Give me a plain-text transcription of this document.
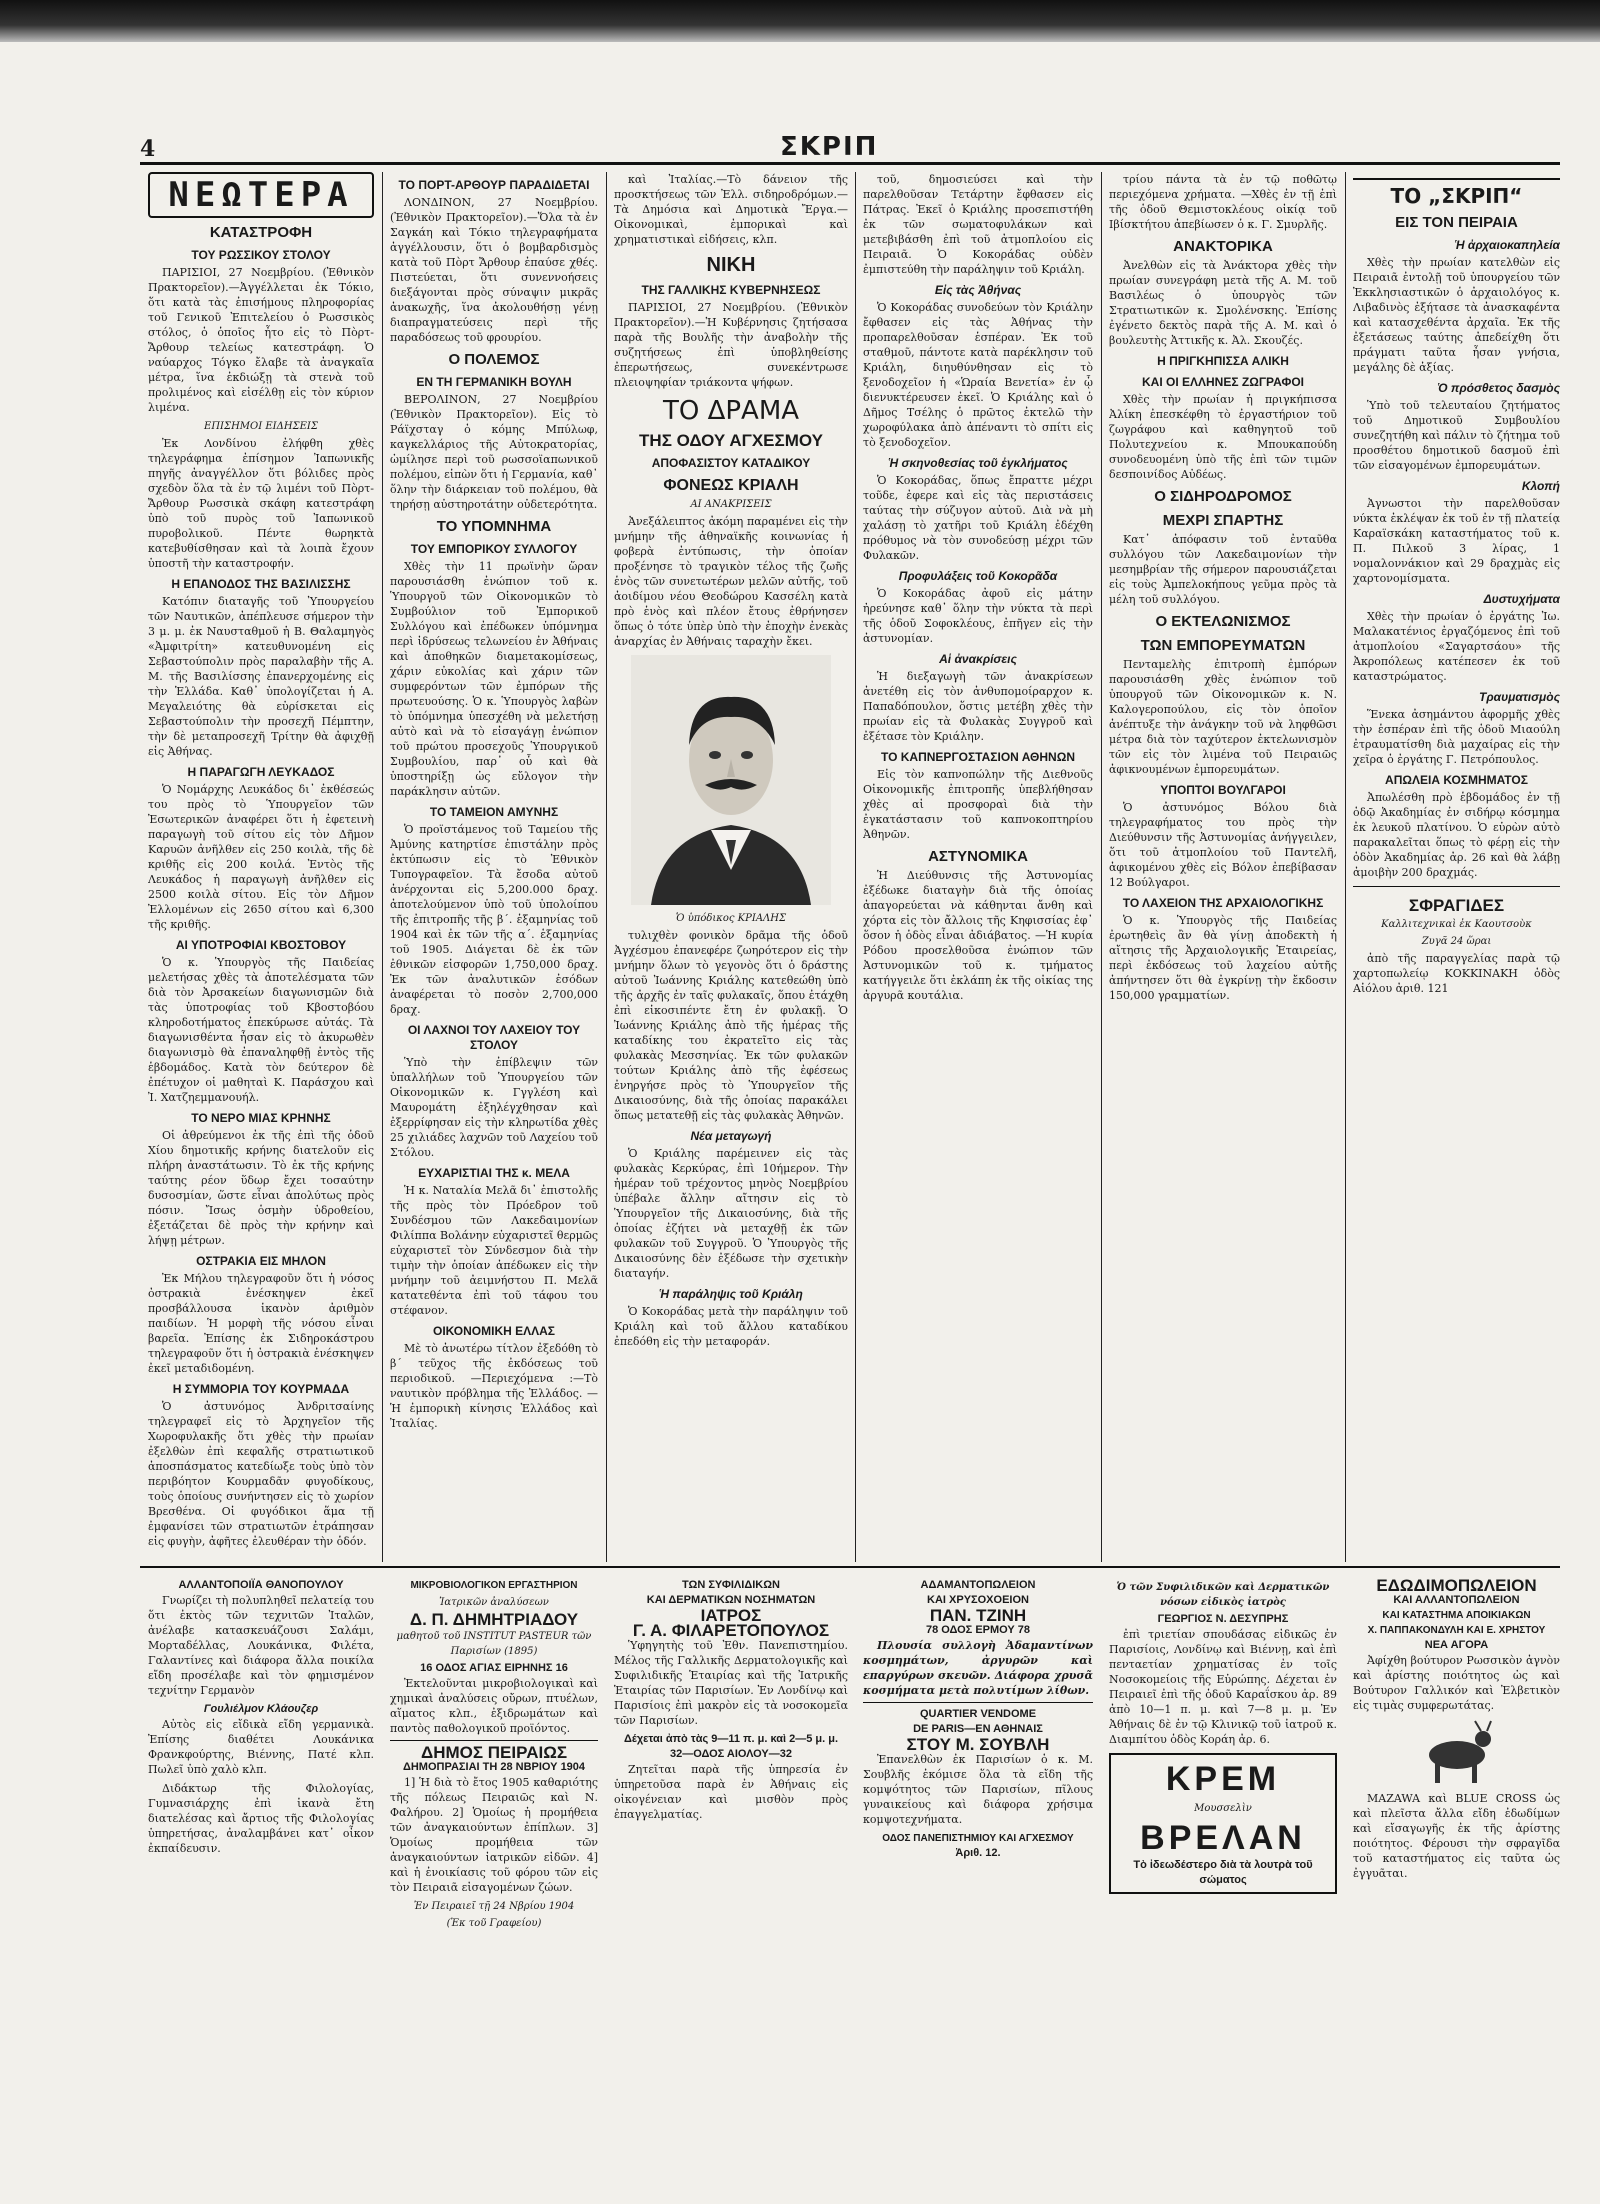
4	ΣΚΡΙΠ
ΝΕΩΤΕΡΑ
ΚΑΤΑΣΤΡΟΦΗ
ΤΟΥ ΡΩΣΣΙΚΟΥ ΣΤΟΛΟΥ

ΠΑΡΙΣΙΟΙ, 27 Νοεμβρίου. (Ἐθνικὸν Πρακτορεῖον).—Ἀγγέλλεται ἐκ Τόκιο, ὅτι κατὰ τὰς ἐπισήμους πληροφορίας τοῦ Γενικοῦ Ἐπιτελείου ὁ Ρωσσικὸς στόλος, ὁ ὁποῖος ἦτο εἰς τὸ Πὸρτ-Ἄρθουρ τελείως κατεστράφη. Ὁ ναύαρχος Τόγκο ἔλαβε τὰ ἀναγκαῖα μέτρα, ἵνα ἐκδιώξῃ τὰ στενὰ τοῦ προλιμένος καὶ εἰσέλθῃ εἰς τὸν κύριον λιμένα.

ΕΠΙΣΗΜΟΙ ΕΙΔΗΣΕΙΣ

Ἐκ Λονδίνου ἐλήφθη χθὲς τηλεγράφημα ἐπίσημον Ἰαπωνικῆς πηγῆς ἀναγγέλλον ὅτι βόλιδες πρὸς σχεδὸν ὅλα τὰ ἐν τῷ λιμένι τοῦ Πὸρτ-Ἄρθουρ Ρωσσικὰ σκάφη κατεστράφη ὑπὸ τοῦ πυρὸς τοῦ Ἰαπωνικοῦ πυροβολικοῦ. Πέντε θωρηκτὰ κατεβυθίσθησαν καὶ τὰ λοιπὰ ἔχουν ὑποστῆ τὴν καταστροφήν.

Η ΕΠΑΝΟΔΟΣ ΤΗΣ ΒΑΣΙΛΙΣΣΗΣ

Κατόπιν διαταγῆς τοῦ Ὑπουργείου τῶν Ναυτικῶν, ἀπέπλευσε σήμερον τὴν 3 μ. μ. ἐκ Ναυσταθμοῦ ἡ Β. Θαλαμηγὸς «Ἀμφιτρίτη» κατευθυνομένη εἰς Σεβαστούπολιν πρὸς παραλαβὴν τῆς Α. Μ. τῆς Βασιλίσσης ἐπανερχομένης εἰς τὴν Ἑλλάδα. Καθ᾽ ὑπολογίζεται ἡ Α. Μεγαλειότης θὰ εὑρίσκεται εἰς Σεβαστούπολιν τὴν προσεχῆ Πέμπτην, τὴν δὲ μεταπροσεχῆ Τρίτην θὰ ἀφιχθῇ εἰς Ἀθήνας.

Η ΠΑΡΑΓΩΓΗ ΛΕΥΚΑΔΟΣ

Ὁ Νομάρχης Λευκάδος δι᾽ ἐκθέσεώς του πρὸς τὸ Ὑπουργεῖον τῶν Ἐσωτερικῶν ἀναφέρει ὅτι ἡ ἐφετεινὴ παραγωγὴ τοῦ σίτου εἰς τὸν Δῆμον Καρυῶν ἀνῆλθεν εἰς 250 κοιλὰ, τῆς δὲ κριθῆς εἰς 200 κοιλά. Ἐντὸς τῆς Λευκάδος ἡ παραγωγὴ ἀνῆλθεν εἰς 2500 κοιλὰ σίτου. Εἰς τὸν Δῆμον Ἐλλομένων εἰς 2650 σίτου καὶ 6,300 τῆς κριθῆς.

ΑΙ ΥΠΟΤΡΟΦΙΑΙ ΚΒΟΣΤΟΒΟΥ

Ὁ κ. Ὑπουργὸς τῆς Παιδείας μελετήσας χθὲς τὰ ἀποτελέσματα τῶν διὰ τὸν Ἀρσακείων διαγωνισμῶν διὰ τὰς ὑποτροφίας τοῦ Κβοστοβόου κληροδοτήματος ἐπεκύρωσε αὐτάς. Τὰ διαγωνισθέντα ἦσαν εἰς τὸ ἀκυρωθὲν διαγωνισμὸ θὰ ἐπαναληφθῇ ἐντὸς τῆς ἑβδομάδος. Κατὰ τὸν δεύτερον δὲ ἐπέτυχον οἱ μαθηταὶ Κ. Παράσχου καὶ Ἰ. Χατζηεμμανουήλ.

ΤΟ ΝΕΡΟ ΜΙΑΣ ΚΡΗΝΗΣ

Οἱ ἀθρεύμενοι ἐκ τῆς ἐπὶ τῆς ὁδοῦ Χίου δημοτικῆς κρήνης διατελοῦν εἰς πλήρη ἀναστάτωσιν. Τὸ ἐκ τῆς κρήνης ταύτης ρέον ὕδωρ ἔχει τοσαύτην δυσοσμίαν, ὥστε εἶναι ἀπολύτως πρὸς πόσιν. Ἴσως ὁσμὴν ὑδροθείου, ἐξετάζεται δὲ πρὸς τὴν κρήνην καὶ λήψῃ μέτρων.

ΟΣΤΡΑΚΙΑ ΕΙΣ ΜΗΛΟΝ

Ἐκ Μήλου τηλεγραφοῦν ὅτι ἡ νόσος ὀστρακιὰ ἐνέσκηψεν ἐκεῖ προσβάλλουσα ἱκανὸν ἀριθμὸν παιδίων. Ἡ μορφὴ τῆς νόσου εἶναι βαρεῖα. Ἐπίσης ἐκ Σιδηροκάστρου τηλεγραφοῦν ὅτι ἡ ὀστρακιὰ ἐνέσκηψεν ἐκεῖ μεταδιδομένη.

Η ΣΥΜΜΟΡΙΑ ΤΟΥ ΚΟΥΡΜΑΔΑ

Ὁ ἀστυνόμος Ἀνδριτσαίνης τηλεγραφεῖ εἰς τὸ Ἀρχηγεῖον τῆς Χωροφυλακῆς ὅτι χθὲς τὴν πρωίαν ἐξελθὼν ἐπὶ κεφαλῆς στρατιωτικοῦ ἀποσπάσματος κατεδίωξε τοὺς ὑπὸ τὸν περιβόητον Κουρμαδᾶν φυγοδίκους, τοὺς ὁποίους συνήντησεν εἰς τὸ χωρίον Βρεσθένα. Οἱ φυγόδικοι ἅμα τῇ ἐμφανίσει τῶν στρατιωτῶν ἐτράπησαν εἰς φυγὴν, ἀφῆτες ἐλευθέραν τὴν ὁδόν.

ΤΟ ΠΟΡΤ-ΑΡΘΟΥΡ ΠΑΡΑΔΙΔΕΤΑΙ

ΛΟΝΔΙΝΟΝ, 27 Νοεμβρίου. (Ἐθνικὸν Πρακτορεῖον).—Ὅλα τὰ ἐν Σαγκάη καὶ Τόκιο τηλεγραφήματα ἀγγέλλουσιν, ὅτι ὁ βομβαρδισμὸς κατὰ τοῦ Πὸρτ Ἄρθουρ ἐπαύσε χθές. Πιστεύεται, ὅτι συνεννοήσεις διεξάγονται πρὸς σύναψιν μικρᾶς ἀνακωχῆς, ἵνα ἀκολουθήσῃ γένῃ διαπραγματεύσεις περὶ τῆς παραδόσεως τοῦ φρουρίου.

Ο ΠΟΛΕΜΟΣ
ΕΝ ΤΗ ΓΕΡΜΑΝΙΚΗ ΒΟΥΛΗ

ΒΕΡΟΛΙΝΟΝ, 27 Νοεμβρίου (Ἐθνικὸν Πρακτορεῖον). Εἰς τὸ Ράϊχσταγ ὁ κόμης Μπύλωφ, καγκελλάριος τῆς Αὐτοκρατορίας, ὡμίλησε περὶ τοῦ ρωσσοϊαπωνικοῦ πολέμου, εἰπὼν ὅτι ἡ Γερμανία, καθ᾽ ὅλην τὴν διάρκειαν τοῦ πολέμου, θὰ τηρήσῃ αὐστηροτάτην οὐδετερότητα.

ΤΟ ΥΠΟΜΝΗΜΑ
ΤΟΥ ΕΜΠΟΡΙΚΟΥ ΣΥΛΛΟΓΟΥ

Χθὲς τὴν 11 πρωϊνὴν ὥραν παρουσιάσθη ἐνώπιον τοῦ κ. Ὑπουργοῦ τῶν Οἰκονομικῶν τὸ Συμβούλιον τοῦ Ἐμπορικοῦ Συλλόγου καὶ ἐπέδωκεν ὑπόμνημα περὶ ἱδρύσεως τελωνείου ἐν Ἀθήναις καὶ ἀποθηκῶν διαμετακομίσεως, χάριν εὐκολίας καὶ χάριν τῶν συμφερόντων τῶν ἐμπόρων τῆς πρωτευούσης. Ὁ κ. Ὑπουργὸς λαβὼν τὸ ὑπόμνημα ὑπεσχέθη νὰ μελετήσῃ αὐτὸ καὶ νὰ τὸ εἰσαγάγῃ ἐνώπιον τοῦ πρώτου προσεχοῦς Ὑπουργικοῦ Συμβουλίου, παρ᾽ οὗ καὶ θὰ ὑποστηρίξῃ ὡς εὔλογον τὴν παράκλησιν αὐτῶν.

ΤΟ ΤΑΜΕΙΟΝ ΑΜΥΝΗΣ

Ὁ προϊστάμενος τοῦ Ταμείου τῆς Ἀμύνης κατηρτίσε ἐπιστάλην πρὸς ἐκτύπωσιν εἰς τὸ Ἐθνικὸν Τυπογραφεῖον. Τὰ ἔσοδα αὐτοῦ ἀνέρχονται εἰς 5,200.000 δραχ. ἀποτελούμενον ὑπὸ τοῦ ὑπολοίπου τῆς ἐπιτροπῆς τῆς β´. ἑξαμηνίας τοῦ 1904 καὶ ἐκ τῶν τῆς α´. ἑξαμηνίας τοῦ 1905. Διάγεται δὲ ἐκ τῶν ἐθνικῶν εἰσφορῶν 1,750,000 δραχ. Ἐκ τῶν ἀναλυτικῶν ἐσόδων ἀναφέρεται τὸ ποσὸν 2,700,000 δραχ.

ΟΙ ΛΑΧΝΟΙ ΤΟΥ ΛΑΧΕΙΟΥ ΤΟΥ ΣΤΟΛΟΥ

Ὑπὸ τὴν ἐπίβλεψιν τῶν ὑπαλλήλων τοῦ Ὑπουργείου τῶν Οἰκονομικῶν κ. Γγγλέση καὶ Μαυρομάτη ἐξηλέγχθησαν καὶ ἐξερρίφησαν εἰς τὴν κληρωτίδα χθὲς 25 χιλιάδες λαχνῶν τοῦ Λαχείου τοῦ Στόλου.

ΕΥΧΑΡΙΣΤΙΑΙ ΤΗΣ κ. ΜΕΛΑ

Ἡ κ. Ναταλία Μελᾶ δι᾽ ἐπιστολῆς τῆς πρὸς τὸν Πρόεδρον τοῦ Συνδέσμου τῶν Λακεδαιμονίων Φιλίππα Βολάνην εὐχαριστεῖ θερμῶς εὐχαριστεῖ τὸν Σύνδεσμον διὰ τὴν τιμὴν τὴν ὁποίαν ἀπέδωκεν εἰς τὴν μνήμην τοῦ ἀειμνήστου Π. Μελᾶ κατατεθέντα ἐπὶ τοῦ τάφου του στέφανον.

ΟΙΚΟΝΟΜΙΚΗ ΕΛΛΑΣ

Μὲ τὸ ἀνωτέρω τίτλον ἐξεδόθη τὸ β´ τεῦχος τῆς ἐκδόσεως τοῦ περιοδικοῦ. —Περιεχόμενα :—Τὸ ναυτικὸν πρόβλημα τῆς Ἑλλάδος. —Ἡ ἐμπορικὴ κίνησις Ἑλλάδος καὶ Ἰταλίας.

καὶ Ἰταλίας.—Τὸ δάνειον τῆς προσκτήσεως τῶν Ἐλλ. σιδηροδρόμων.—Τὰ Δημόσια καὶ Δημοτικὰ Ἔργα.—Οἰκονομικαὶ, ἐμπορικαὶ καὶ χρηματιστικαὶ εἰδήσεις, κλπ.

ΝΙΚΗ
ΤΗΣ ΓΑΛΛΙΚΗΣ ΚΥΒΕΡΝΗΣΕΩΣ

ΠΑΡΙΣΙΟΙ, 27 Νοεμβρίου. (Ἐθνικὸν Πρακτορεῖον).—Ἡ Κυβέρνησις ζητήσασα παρὰ τῆς Βουλῆς τὴν ἀναβολὴν τῆς συζητήσεως ἐπὶ ὑποβληθείσης ἐπερωτήσεως, συνεκέντρωσε πλειοψηφίαν τριάκοντα ψήφων.

ΤΟ ΔΡΑΜΑ
ΤΗΣ ΟΔΟΥ ΑΓΧΕΣΜΟΥ
ΑΠΟΦΑΣΙΣΤΟΥ ΚΑΤΑΔΙΚΟΥ
ΦΟΝΕΩΣ ΚΡΙΑΛΗ
ΑΙ ΑΝΑΚΡΙΣΕΙΣ

Ἀνεξάλειπτος ἀκόμη παραμένει εἰς τὴν μνήμην τῆς ἀθηναϊκῆς κοινωνίας ἡ φοβερὰ ἐντύπωσις, τὴν ὁποίαν προξένησε τὸ τραγικὸν τέλος τῆς ζωῆς ἑνὸς τῶν συνετωτέρων μελῶν αὐτῆς, τοῦ ἀοιδίμου νέου Θεοδώρου Κασσέλη κατὰ πρὸ ἑνὸς καὶ πλέον ἔτους ἐθρήνησεν ὅπως ὁ τότε ὑπὲρ ὑπὸ τὴν ἐποχὴν ἐνεκὰς ἀναρχίας ἐν Ἀθήναις ταραχὴν ἔκει.

Ὁ ὑπόδικος ΚΡΙΑΛΗΣ

τυλιχθὲν φονικὸν δρᾶμα τῆς ὁδοῦ Ἀγχέσμου ἐπανεφέρε ζωηρότερον εἰς τὴν μνήμην ὅλων τὸ γεγονὸς ὅτι ὁ δράστης αὐτοῦ Ἰωάννης Κριάλης κατεθεώθη ὑπὸ τῆς ἀρχῆς ἐν ταῖς φυλακαῖς, ὅπου ἐτάχθη ἐπὶ εἰκοσιπέντε ἔτη ἐν φυλακῇ. Ὁ Ἰωάννης Κριάλης ἀπὸ τῆς ἡμέρας τῆς καταδίκης του ἐκρατεῖτο εἰς τὰς φυλακὰς Μεσσηνίας. Ἐκ τῶν φυλακῶν τούτων Κριάλης ἀπὸ τῆς ἐφέσεως ἐνηργήσε πρὸς τὸ Ὑπουργεῖον τῆς Δικαιοσύνης, διὰ τῆς ὁποίας παρακάλει ὅπως μετατεθῇ εἰς τὰς φυλακὰς Ἀθηνῶν.

Νέα μεταγωγή

Ὁ Κριάλης παρέμεινεν εἰς τὰς φυλακὰς Κερκύρας, ἐπὶ 10ήμερον. Τὴν ἡμέραν τοῦ τρέχοντος μηνὸς Νοεμβρίου ὑπέβαλε ἄλλην αἴτησιν εἰς τὸ Ὑπουργεῖον τῆς Δικαιοσύνης, διὰ τῆς ὁποίας ἐζήτει νὰ μεταχθῇ ἐκ τῶν φυλακῶν τοῦ Συγγροῦ. Ὁ Ὑπουργὸς τῆς Δικαιοσύνης δὲν ἐξέδωσε τὴν σχετικὴν διαταγήν.

Ἡ παράληψις τοῦ Κριάλη

Ὁ Κοκοράδας μετὰ τὴν παράληψιν τοῦ Κριάλη καὶ τοῦ ἄλλου καταδίκου ἐπεδόθη εἰς τὴν μεταφοράν.

τοῦ, δημοσιεύσει καὶ τὴν παρελθοῦσαν Τετάρτην ἔφθασεν εἰς Πάτρας. Ἐκεῖ ὁ Κριάλης προσεπιστήθη ἐκ τῶν σωματοφυλάκων καὶ μετεβιβάσθη ἐπὶ τοῦ ἀτμοπλοίου εἰς Πειραιᾶ. Ὁ Κοκοράδας οὐδὲν ἐμπιστεύθη τὴν παράληψιν τοῦ Κριάλη.

Εἰς τὰς Ἀθήνας

Ὁ Κοκοράδας συνοδεύων τὸν Κριάλην ἔφθασεν εἰς τὰς Ἀθήνας τὴν προπαρελθοῦσαν ἑσπέραν. Ἐκ τοῦ σταθμοῦ, πάντοτε κατὰ παρέκλησιν τοῦ Κριάλη, διηυθύνθησαν εἰς τὸ ξενοδοχεῖον ἡ «Ὡραία Βενετία» ἐν ᾧ διενυκτέρευσεν ἐκεῖ. Ὁ Κριάλης καὶ ὁ Δῆμος Τσέλης ὁ πρῶτος ἐκτελῶ τὴν χωροφύλακα ἀπὸ ἀπέναντι τὸ σπίτι εἰς τὸ ξενοδοχεῖον.

Ἡ σκηνοθεσίας τοῦ ἐγκλήματος

Ὁ Κοκοράδας, ὅπως ἔπραττε μέχρι τοῦδε, ἐφερε καὶ εἰς τὰς περιστάσεις ταύτας τὴν σύζυγον αὐτοῦ. Διὰ νὰ μὴ χαλάσῃ τὸ χατῆρι τοῦ Κριάλη ἐδέχθη πρόθυμος νὰ τὸν συνοδεύσῃ μέχρι τῶν Φυλακῶν.

Προφυλάξεις τοῦ Κοκορᾶδα

Ὁ Κοκοράδας ἀφοῦ εἰς μάτην ἠρεύνησε καθ᾽ ὅλην τὴν νύκτα τὰ περὶ τῆς ὁδοῦ Σοφοκλέους, ἐπῆγεν εἰς τὴν ἀστυνομίαν.

Αἱ ἀνακρίσεις

Ἡ διεξαγωγὴ τῶν ἀνακρίσεων ἀνετέθη εἰς τὸν ἀνθυπομοίραρχον κ. Παπαδόπουλον, ὅστις μετέβη χθὲς τὴν πρωίαν εἰς τὰ Φυλακὰς Συγγροῦ καὶ ἐξέτασε τὸν Κριάλην.

ΤΟ ΚΑΠΝΕΡΓΟΣΤΑΣΙΟΝ ΑΘΗΝΩΝ

Εἰς τὸν καπνοπώλην τῆς Διεθνοῦς Οἰκονομικῆς ἐπιτροπῆς ὑπεβλήθησαν χθὲς αἱ προσφοραὶ διὰ τὴν ἐγκατάστασιν τοῦ καπνοκοπτηρίου Ἀθηνῶν.

ΑΣΤΥΝΟΜΙΚΑ

Ἡ Διεύθυνσις τῆς Ἀστυνομίας ἐξέδωκε διαταγὴν διὰ τῆς ὁποίας ἀπαγορεύεται νὰ κάθηνται ἄνθη καὶ χόρτα εἰς τὸν ἄλλοις τῆς Κηφισσίας ἐφ᾽ ὅσον ἡ ὁδὸς εἶναι ἀδιάβατος. —Ἡ κυρία Ρόδου προσελθοῦσα ἐνώπιον τῶν Ἀστυνομικῶν τοῦ κ. τμήματος κατήγγειλε ὅτι ἐκλάπη ἐκ τῆς οἰκίας της ἀργυρᾶ κουτάλια.

τρίου πάντα τὰ ἐν τῷ ποθῶτῳ περιεχόμενα χρήματα. —Χθὲς ἐν τῇ ἐπὶ τῆς ὁδοῦ Θεμιστοκλέους οἰκίᾳ τοῦ Ιβίσκτήτου ἀπεβίωσεν ὁ κ. Γ. Σμυρλῆς.

ΑΝΑΚΤΟΡΙΚΑ

Ἀνελθὼν εἰς τὰ Ἀνάκτορα χθὲς τὴν πρωίαν συνεγράφη μετὰ τῆς Α. Μ. τοῦ Βασιλέως ὁ ὑπουργὸς τῶν Στρατιωτικῶν κ. Σμολένσκης. Ἐπίσης ἐγένετο δεκτὸς παρὰ τῆς Α. Μ. καὶ ὁ βουλευτὴς Ἀττικῆς κ. Ἀλ. Σκουζές.

Η ΠΡΙΓΚΗΠΙΣΣΑ ΑΛΙΚΗ
ΚΑΙ ΟΙ ΕΛΛΗΝΕΣ ΖΩΓΡΑΦΟΙ

Χθὲς τὴν πρωίαν ἡ πριγκήπισσα Ἀλίκη ἐπεσκέφθη τὸ ἐργαστήριον τοῦ ζωγράφου καὶ καθηγητοῦ τοῦ Πολυτεχνείου κ. Μπουκαπούδη συνοδευομένη ὑπὸ τῆς ἐπὶ τῶν τιμῶν δεσποινίδος Αὐδέως.

Ο ΣΙΔΗΡΟΔΡΟΜΟΣ
ΜΕΧΡΙ ΣΠΑΡΤΗΣ

Κατ᾽ ἀπόφασιν τοῦ ἐνταῦθα συλλόγου τῶν Λακεδαιμονίων τὴν μεσημβρίαν τῆς σήμερον παρουσιάζεται εἰς τοὺς Ἀμπελοκήπους γεῦμα πρὸς τὰ μέλη τοῦ συλλόγου.

Ο ΕΚΤΕΛΩΝΙΣΜΟΣ
ΤΩΝ ΕΜΠΟΡΕΥΜΑΤΩΝ

Πενταμελὴς ἐπιτροπὴ ἐμπόρων παρουσιάσθη χθὲς ἐνώπιον τοῦ ὑπουργοῦ τῶν Οἰκονομικῶν κ. Ν. Καλογεροπούλου, εἰς τὸν ὁποῖον ἀνέπτυξε τὴν ἀνάγκην τοῦ νὰ ληφθῶσι μέτρα διὰ τὸν ταχύτερον ἐκτελωνισμὸν τῶν εἰς τὸν λιμένα τοῦ Πειραιῶς ἀφικνουμένων ἐμπορευμάτων.

ΥΠΟΠΤΟΙ ΒΟΥΛΓΑΡΟΙ

Ὁ ἀστυνόμος Βόλου διὰ τηλεγραφήματος του πρὸς τὴν Διεύθυνσιν τῆς Ἀστυνομίας ἀνήγγειλεν, ὅτι τοῦ ἀτμοπλοίου τοῦ Παντελῆ, ἀφικομένου χθὲς εἰς Βόλον ἐπεβίβασαν 12 Βούλγαροι.

ΤΟ ΛΑΧΕΙΟΝ ΤΗΣ ΑΡΧΑΙΟΛΟΓΙΚΗΣ

Ὁ κ. Ὑπουργὸς τῆς Παιδείας ἐρωτηθεὶς ἂν θὰ γίνῃ ἀποδεκτὴ ἡ αἴτησις τῆς Ἀρχαιολογικῆς Ἑταιρείας, περὶ ἐκδόσεως τοῦ λαχείου αὐτῆς ἀπήντησεν ὅτι θὰ ἐγκρίνῃ τὴν ἔκδοσιν 150,000 γραμματίων.

ΤΟ „ΣΚΡΙΠ“
ΕΙΣ ΤΟΝ ΠΕΙΡΑΙΑ
Ἡ ἀρχαιοκαπηλεία

Χθὲς τὴν πρωίαν κατελθὼν εἰς Πειραιᾶ ἐντολῇ τοῦ ὑπουργείου τῶν Ἐκκλησιαστικῶν ὁ ἀρχαιολόγος κ. Λιβαδινὸς ἐξήτασε τὰ ἀνασκαφέντα καὶ κατασχεθέντα ἀρχαῖα. Ἐκ τῆς ἐξετάσεως ταύτης ἀπεδείχθη ὅτι πράγματι ταῦτα ἦσαν γνήσια, μεγάλης δὲ ἀξίας.

Ὁ πρόσθετος δασμὸς

Ὑπὸ τοῦ τελευταίου ζητήματος τοῦ Δημοτικοῦ Συμβουλίου συνεζητήθη καὶ πάλιν τὸ ζήτημα τοῦ προσθέτου δημοτικοῦ δασμοῦ ἐπὶ τῶν εἰσαγομένων ἐμπορευμάτων.

Κλοπή

Ἀγνωστοι τὴν παρελθοῦσαν νύκτα ἐκλέψαν ἐκ τοῦ ἐν τῇ πλατείᾳ Καραϊσκάκη καταστήματος τοῦ κ. Π. Πιλκοῦ 3 λίρας, 1 νομαλοννάκιον καὶ 29 δραχμὰς εἰς χαρτονομίσματα.

Δυστυχήματα

Χθὲς τὴν πρωίαν ὁ ἐργάτης Ἰω. Μαλακατένιος ἐργαζόμενος ἐπὶ τοῦ ἀτμοπλοίου «Σαγαρτσάου» τῆς Ἀκροπόλεως κατέπεσεν ἐκ τοῦ καταστρώματος.

Τραυματισμὸς

Ἕνεκα ἀσημάντου ἀφορμῆς χθὲς τὴν ἑσπέραν ἐπὶ τῆς ὁδοῦ Μιαούλη ἐτραυματίσθη διὰ μαχαίρας εἰς τὴν χεῖρα ὁ ἐργάτης Γ. Πετρόπουλος.

ΑΠΩΛΕΙΑ ΚΟΣΜΗΜΑΤΟΣ

Ἀπωλέσθη πρὸ ἑβδομάδος ἐν τῇ ὁδῷ Ἀκαδημίας ἐν σιδήρῳ κόσμημα ἐκ λευκοῦ πλατίνου. Ὁ εὑρὼν αὐτὸ παρακαλεῖται ὅπως τὸ φέρῃ εἰς τὴν ὁδὸν Ἀκαδημίας ἀρ. 26 καὶ θὰ λάβῃ ἀμοιβὴν 200 δραχμάς.

ΣΦΡΑΓΙΔΕΣ
Καλλιτεχνικαὶ ἐκ Καουτσοὺκ
Ζυγᾶ 24 ὥραι

ἀπὸ τῆς παραγγελίας παρὰ τῷ χαρτοπωλείῳ ΚΟΚΚΙΝΑΚΗ ὁδὸς Αἰόλου ἀριθ. 121

ΑΛΛΑΝΤΟΠΟΙΪΑ ΘΑΝΟΠΟΥΛΟΥ

Γνωρίζει τὴ πολυπληθεῖ πελατείᾳ του ὅτι ἐκτὸς τῶν τεχνιτῶν Ἰταλῶν, ἀνέλαβε κατασκευάζουσι Σαλάμι, Μορταδέλλας, Λουκάνικα, Φιλέτα, Γαλαντίνες καὶ διάφορα ἄλλα ποικίλα εἴδη προσέλαβε καὶ τὸν φημισμένον τεχνίτην Γερμανὸν

Γουλιέλμον Κλάουζερ

Αὐτὸς εἰς εἴδικὰ εἴδη γερμανικὰ. Ἐπίσης διαθέτει Λουκάνικα Φρανκφούρτης, Βιέννης, Πατέ κλπ. Πωλεῖ ὑπὸ χαλὸ κλπ.

Διδάκτωρ τῆς Φιλολογίας, Γυμνασιάρχης ἐπὶ ἱκανὰ ἔτη διατελέσας καὶ ἄρτιος τῆς Φιλολογίας ὑπηρετήσας, ἀναλαμβάνει κατ᾽ οἶκον ἐκπαίδευσιν.

ΜΙΚΡΟΒΙΟΛΟΓΙΚΟΝ ΕΡΓΑΣΤΗΡΙΟΝ
Ἰατρικῶν ἀναλύσεων
Δ. Π. ΔΗΜΗΤΡΙΑΔΟΥ
μαθητοῦ τοῦ INSTITUT PASTEUR τῶν Παρισίων (1895)
16 ΟΔΟΣ ΑΓΙΑΣ ΕΙΡΗΝΗΣ 16

Ἐκτελοῦνται μικροβιολογικαὶ καὶ χημικαὶ ἀναλύσεις οὔρων, πτυέλων, αἵματος κλπ., ἐξιδρωμάτων καὶ παντὸς παθολογικοῦ προϊόντος.

ΔΗΜΟΣ ΠΕΙΡΑΙΩΣ
ΔΗΜΟΠΡΑΣΙΑΙ ΤΗ 28 ΝΒΡΙΟΥ 1904

1] Ἡ διὰ τὸ ἔτος 1905 καθαριότης τῆς πόλεως Πειραιῶς καὶ Ν. Φαλήρου. 2] Ὁμοίως ἡ προμήθεια τῶν ἀναγκαιούντων ἐπίπλων. 3] Ὁμοίως προμήθεια τῶν ἀναγκαιούντων ἰατρικῶν εἰδῶν. 4] καὶ ἡ ἐνοικίασις τοῦ φόρου τῶν εἰς τὸν Πειραιᾶ εἰσαγομένων ζώων.

Ἐν Πειραιεῖ τῇ 24 Νβρίου 1904
(Ἐκ τοῦ Γραφείου)
ΤΩΝ ΣΥΦΙΛΙΔΙΚΩΝ
ΚΑΙ ΔΕΡΜΑΤΙΚΩΝ ΝΟΣΗΜΑΤΩΝ
ΙΑΤΡΟΣ
Γ. Α. ΦΙΛΑΡΕΤΟΠΟΥΛΟΣ

Ὑφηγητὴς τοῦ Ἐθν. Πανεπιστημίου. Μέλος τῆς Γαλλικῆς Δερματολογικῆς καὶ Συφιλιδικῆς Ἑταιρίας καὶ τῆς Ἰατρικῆς Ἑταιρίας τῶν Παρισίων. Ἐν Λονδίνῳ καὶ Παρισίοις ἐπὶ μακρὸν εἰς τὰ νοσοκομεῖα τῶν Παρισίων.

Δέχεται ἀπὸ τὰς 9—11 π. μ. καὶ 2—5 μ. μ.
32—ΟΔΟΣ ΑΙΟΛΟΥ—32

Ζητεῖται παρὰ τῆς ὑπηρεσία ἐν ὑπηρετοῦσα παρὰ ἐν Ἀθήναις εἰς οἰκογένειαν καὶ μισθὸν πρὸς ἐπαγγελματίας.

ΑΔΑΜΑΝΤΟΠΩΛΕΙΟΝ
ΚΑΙ ΧΡΥΣΟΧΟΕΙΟΝ
ΠΑΝ. ΤΖΙΝΗ
78 ΟΔΟΣ ΕΡΜΟΥ 78

Πλουσία συλλογὴ Ἀδαμαντίνων κοσμημάτων, ἀργυρῶν καὶ επαργύρων σκευῶν. Διάφορα χρυσᾶ κοσμήματα μετὰ πολυτίμων λίθων.

QUARTIER VENDOME
DE PARIS—ΕΝ ΑΘΗΝΑΙΣ
ΣΤΟΥ Μ. ΣΟΥΒΛΗ

Ἐπανελθὼν ἐκ Παρισίων ὁ κ. Μ. Σουβλῆς ἐκόμισε ὅλα τὰ εἴδη τῆς κομψότητος τῶν Παρισίων, πῖλους γυναικείους καὶ διάφορα χρήσιμα κομψοτεχνήματα.

ΟΔΟΣ ΠΑΝΕΠΙΣΤΗΜΙΟΥ ΚΑΙ ΑΓΧΕΣΜΟΥ
Ἀριθ. 12.
Ὁ τῶν Συφιλιδικῶν καὶ Δερματικῶν νόσων εἰδικὸς ἰατρὸς
ΓΕΩΡΓΙΟΣ Ν. ΔΕΣΥΠΡΗΣ

ἐπὶ τριετίαν σπουδάσας εἰδικῶς ἐν Παρισίοις, Λονδίνῳ καὶ Βιέννῃ, καὶ ἐπὶ πενταετίαν χρηματίσας ἐν τοῖς Νοσοκομείοις τῆς Εὐρώπης. Δέχεται ἐν Πειραιεῖ ἐπὶ τῆς ὁδοῦ Καραΐσκου ἀρ. 89 ἀπὸ 10—1 π. μ. καὶ 7—8 μ. μ. Ἐν Ἀθήναις δὲ ἐν τῷ Κλινικῷ τοῦ ἰατροῦ κ. Διαμπίτου ὁδὸς Κοράη ἀρ. 6.

ΚΡΕΜ
Μουσσελὶν
ΒΡΕΛΑΝ
Τὸ ἰδεωδέστερο διὰ τὰ λουτρὰ τοῦ σώματος
ΕΔΩΔΙΜΟΠΩΛΕΙΟΝ
ΚΑΙ ΑΛΛΑΝΤΟΠΩΛΕΙΟΝ
ΚΑΙ ΚΑΤΑΣΤΗΜΑ ΑΠΟΙΚΙΑΚΩΝ
Χ. ΠΑΠΠΑΚΟΝΔΥΛΗ ΚΑΙ Ε. ΧΡΗΣΤΟΥ
ΝΕΑ ΑΓΟΡΑ

Ἀφίχθη βούτυρον Ρωσσικὸν ἀγνὸν καὶ ἀρίστης ποιότητος ὡς καὶ Βούτυρον Γαλλικόν καὶ Ἐλβετικὸν εἰς τιμὰς συμφερωτάτας.

MAZAWA καὶ BLUE CROSS ὡς καὶ πλεῖστα ἄλλα εἴδη ἐδωδίμων καὶ εἴσαγωγῆς ἐκ τῆς ἀρίστης ποιότητος. Φέρουσι τὴν σφραγῖδα τοῦ καταστήματος εἰς ταῦτα ὡς ἐγγυᾶται.
